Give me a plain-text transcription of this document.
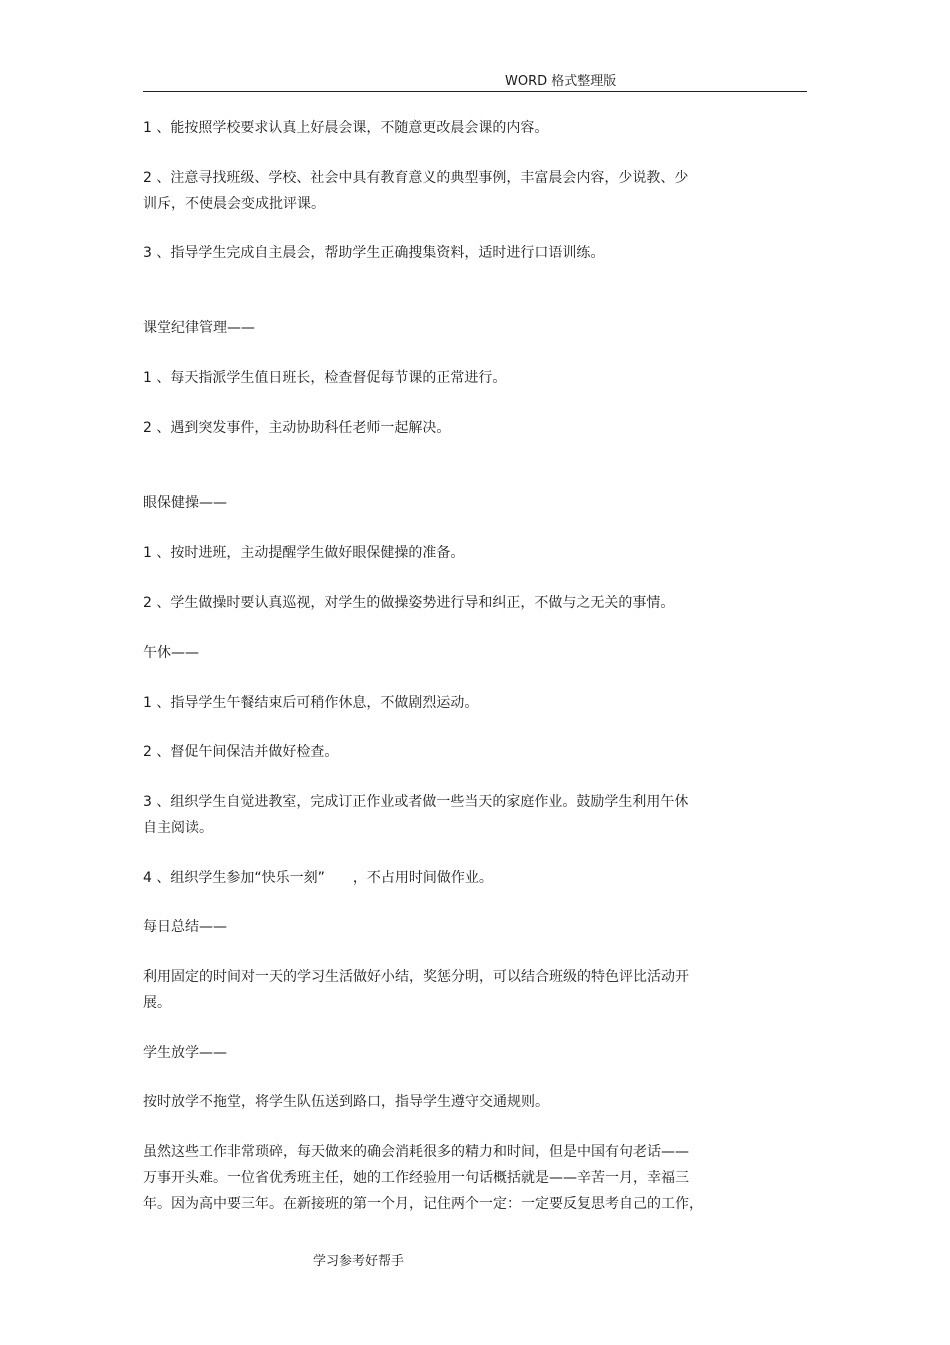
WORD 格式整理版
1 、能按照学校要求认真上好晨会课，不随意更改晨会课的内容。
2 、注意寻找班级、学校、社会中具有教育意义的典型事例，丰富晨会内容，少说教、少
训斥，不使晨会变成批评课。
3 、指导学生完成自主晨会，帮助学生正确搜集资料，适时进行口语训练。
课堂纪律管理——
1 、每天指派学生值日班长，检查督促每节课的正常进行。
2 、遇到突发事件，主动协助科任老师一起解决。
眼保健操——
1 、按时进班，主动提醒学生做好眼保健操的准备。
2 、学生做操时要认真巡视，对学生的做操姿势进行导和纠正，不做与之无关的事情。
午休——
1 、指导学生午餐结束后可稍作休息，不做剧烈运动。
2 、督促午间保洁并做好检查。
3 、组织学生自觉进教室，完成订正作业或者做一些当天的家庭作业。鼓励学生利用午休
自主阅读。
4 、组织学生参加“快乐一刻”　　，不占用时间做作业。
每日总结——
利用固定的时间对一天的学习生活做好小结，奖惩分明，可以结合班级的特色评比活动开
展。
学生放学——
按时放学不拖堂，将学生队伍送到路口，指导学生遵守交通规则。
虽然这些工作非常琐碎，每天做来的确会消耗很多的精力和时间，但是中国有句老话——
万事开头难。一位省优秀班主任，她的工作经验用一句话概括就是——辛苦一月，幸福三
年。因为高中要三年。在新接班的第一个月，记住两个一定：一定要反复思考自己的工作，
学习参考好帮手
